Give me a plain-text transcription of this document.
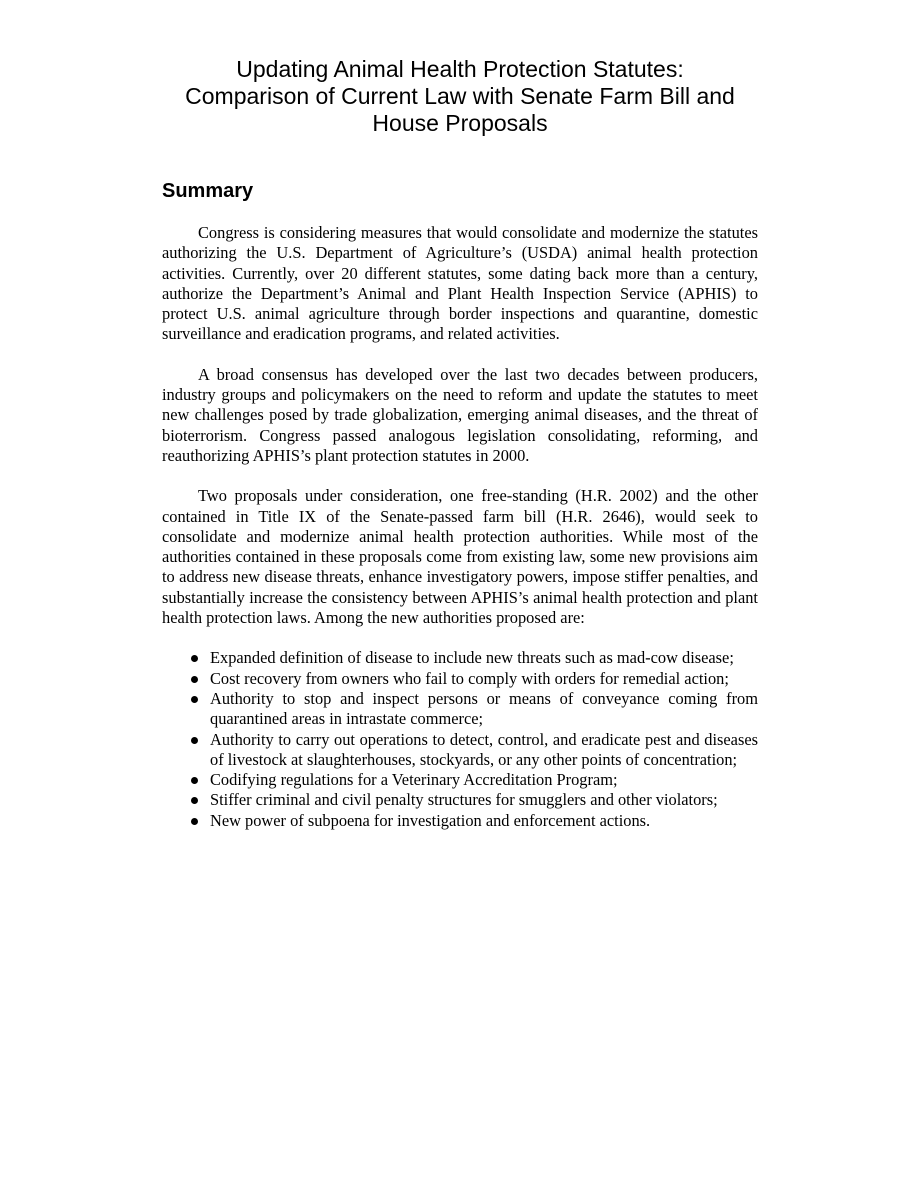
Updating Animal Health Protection Statutes:
Comparison of Current Law with Senate Farm Bill and
House Proposals
Summary

Congress is considering measures that would consolidate and modernize the statutes authorizing the U.S. Department of Agriculture’s (USDA) animal health protection activities. Currently, over 20 different statutes, some dating back more than a century, authorize the Department’s Animal and Plant Health Inspection Service (APHIS) to protect U.S. animal agriculture through border inspections and quarantine, domestic surveillance and eradication programs, and related activities.

A broad consensus has developed over the last two decades between producers, industry groups and policymakers on the need to reform and update the statutes to meet new challenges posed by trade globalization, emerging animal diseases, and the threat of bioterrorism. Congress passed analogous legislation consolidating, reforming, and reauthorizing APHIS’s plant protection statutes in 2000.

Two proposals under consideration, one free-standing (H.R. 2002) and the other contained in Title IX of the Senate-passed farm bill (H.R. 2646), would seek to consolidate and modernize animal health protection authorities. While most of the authorities contained in these proposals come from existing law, some new provisions aim to address new disease threats, enhance investigatory powers, impose stiffer penalties, and substantially increase the consistency between APHIS’s animal health protection and plant health protection laws. Among the new authorities proposed are:

Expanded definition of disease to include new threats such as mad-cow disease;
Cost recovery from owners who fail to comply with orders for remedial action;
Authority to stop and inspect persons or means of conveyance coming from quarantined areas in intrastate commerce;
Authority to carry out operations to detect, control, and eradicate pest and diseases of livestock at slaughterhouses, stockyards, or any other points of concentration;
Codifying regulations for a Veterinary Accreditation Program;
Stiffer criminal and civil penalty structures for smugglers and other violators;
New power of subpoena for investigation and enforcement actions.
